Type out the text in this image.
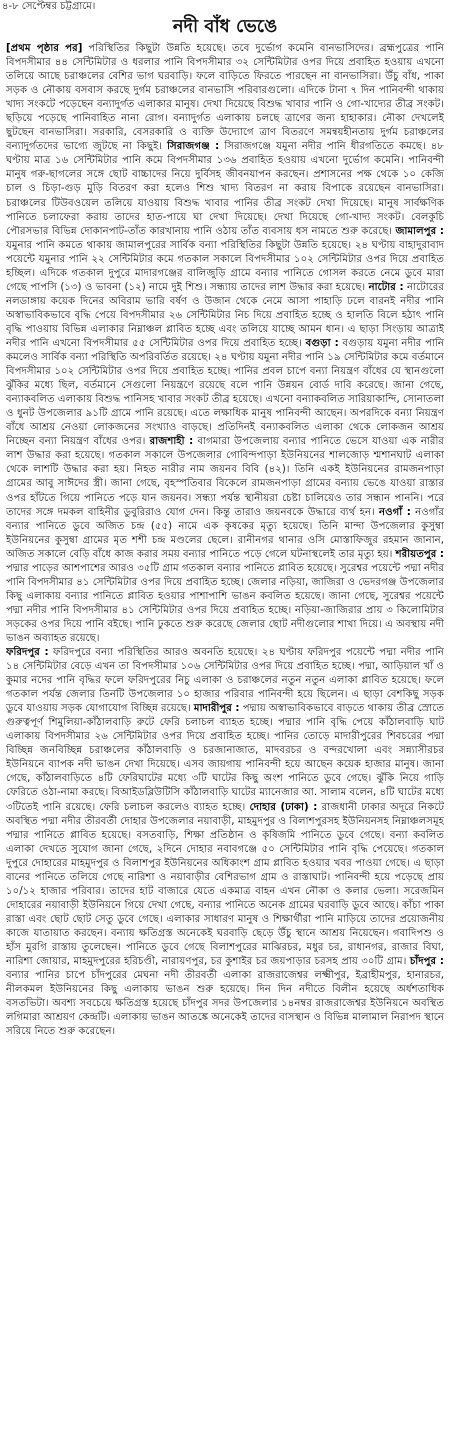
৪-৮ সেপ্টেম্বর চট্টগ্রামে।
নদী বাঁধ ভেঙে

[প্রথম পৃষ্ঠার পর] পরিস্থিতির কিছুটা উন্নতি হয়েছে। তবে দুর্ভোগ কমেনি বানভাসিদের। ব্রহ্মপুত্রের পানি বিপদসীমার ৪৪ সেন্টিমিটার ও ধরলার পানি বিপদসীমার ৩২ সেন্টিমিটার ওপর দিয়ে প্রবাহিত হওয়ায় এখনো তলিয়ে আছে চরাঞ্চলের বেশির ভাগ ঘরবাড়ি। ফলে বাড়িতে ফিরতে পারছেন না বানভাসিরা। উঁচু বাঁধ, পাকা সড়ক ও নৌকায় বসবাস করছে দুর্গম চরাঞ্চলের বানভাসি পরিবারগুলো। এদিকে টানা ৭ দিন পানিবন্দী থাকায় খাদ্য সংকটে পড়েছেন বন্যাদুর্গত এলাকার মানুষ। দেখা দিয়েছে বিশুদ্ধ খাবার পানি ও গো-খাদ্যের তীব্র সংকট। ছড়িয়ে পড়েছে পানিবাহিত নানা রোগ। বন্যাদুর্গত এলাকায় চলছে ত্রাণের জন্য হাহাকার। নৌকা দেখলেই ছুটছেন বানভাসিরা। সরকারি, বেসরকারি ও ব্যক্তি উদ্যোগে ত্রাণ বিতরণে সমন্বয়হীনতায় দুর্গম চরাঞ্চলের বন্যাদুর্গতদের ভাগ্যে জুটছে না কিছুই। সিরাজগঞ্জ : সিরাজগঞ্জে যমুনা নদীর পানি ধীরগতিতে কমছে। ৪৮ ঘণ্টায় মাত্র ১৬ সেন্টিমিটার পানি কমে বিপদসীমার ১৩৬ প্রবাহিত হওয়ায় এখনো দুর্ভোগ কমেনি। পানিবন্দী মানুষ গরু-ছাগলের সঙ্গে ছোট বাচ্চাদের নিয়ে দুর্বিসহ জীবনযাপন করছেন। প্রশাসনের পক্ষ থেকে ১০ কেজি চাল ও চিড়া-গুড় মুড়ি বিতরণ করা হলেও শিশু খাদ্য বিতরণ না করায় বিপাকে রয়েছেন বানভাসিরা। চরাঞ্চলের টিউবওয়েল তলিয়ে যাওয়ায় বিশুদ্ধ খাবার পানির তীব্র সংকট দেখা দিয়েছে। মানুষ সার্বক্ষণিক পানিতে চলাফেরা করায় তাদের হাত-পায়ে ঘা দেখা দিয়েছে। দেখা দিয়েছে গো-খাদ্য সংকট। বেলকুচি পৌরসভার বিভিন্ন দোকানপাট-তাঁত কারখানায় পানি ওঠায় তাঁত ব্যবসায় ধস নামতে শুরু করেছে। জামালপুর : যমুনার পানি কমতে থাকায় জামালপুরের সার্বিক বন্যা পরিস্থিতির কিছুটা উন্নতি হয়েছে। ২৪ ঘণ্টায় বাহাদুরাবাদ পয়েন্টে যমুনার পানি ২২ সেন্টিমিটার কমে গতকাল সকালে বিপদসীমার ১০২ সেন্টিমিটার ওপর দিয়ে প্রবাহিত হচ্ছিল। এদিকে গতকাল দুপুরে মাদারগঞ্জের বালিজুড়ি গ্রামে বন্যার পানিতে গোসল করতে নেমে ডুবে মারা গেছে পাপসি (১৩) ও ভাবনা (১২) নামে দুই শিশু। সন্ধ্যায় তাদের লাশ উদ্ধার করা হয়েছে। নাটোর : নাটোরের নলডাঙ্গায় কয়েক দিনের অবিরাম ভারি বর্ষণ ও উজান থেকে নেমে আসা পাহাড়ি ঢলে বারনই নদীর পানি অস্বাভাবিকভাবে বৃদ্ধি পেয়ে বিপদসীমার ২৬ সেন্টিমিটার নিচ দিয়ে প্রবাহিত হচ্ছে ও হালতি বিলে হঠাৎ পানি বৃদ্ধি পাওয়ায় বিভিন্ন এলাকার নিম্নাঞ্চল প্লাবিত হচ্ছে এবং তলিয়ে যাচ্ছে আমন ধান। এ ছাড়া সিংড়ায় আত্রাই নদীর পানি এখনো বিপদসীমার ৫৫ সেন্টিমিটার ওপর দিয়ে প্রবাহিত হচ্ছে। বগুড়া : বগুড়ায় যমুনা নদীর পানি কমলেও সার্বিক বন্যা পরিস্থিতি অপরিবর্তিত রয়েছে। ২৪ ঘণ্টায় যমুনা নদীর পানি ১৯ সেন্টিমিটার কমে বর্তমানে বিপদসীমার ১০২ সেন্টিমিটার ওপর দিয়ে প্রবাহিত হচ্ছে। পানির প্রবল চাপে বন্যা নিয়ন্ত্রণ বাঁধের যে স্থানগুলো ঝুঁকির মধ্যে ছিল, বর্তমানে সেগুলো নিয়ন্ত্রণে রয়েছে বলে পানি উন্নয়ন বোর্ড দাবি করেছে। জানা গেছে, বন্যাকবলিত এলাকায় বিশুদ্ধ পানিসহ খাবার সংকট তীব্র হয়েছে। এখনো বন্যাকবলিত সারিয়াকান্দি, সোনাতলা ও ধুনট উপজেলার ৯১টি গ্রামে পানি রয়েছে। এতে লক্ষাধিক মানুষ পানিবন্দী আছেন। অপরদিকে বন্যা নিয়ন্ত্রণ বাঁধে আশ্রয় নেওয়া লোকজনের সংখ্যাও বাড়ছে। প্রতিদিনই বন্যাকবলিত এলাকা থেকে লোকজন আশ্রয় নিচ্ছেন বন্যা নিয়ন্ত্রণ বাঁধের ওপর। রাজশাহী : বাগমারা উপজেলায় বন্যার পানিতে ভেসে যাওয়া এক নারীর লাশ উদ্ধার করা হয়েছে। গতকাল সকালে উপজেলার গোবিন্দপাড়া ইউনিয়নের শালজোড় শ্মশানঘাট এলাকা থেকে লাশটি উদ্ধার করা হয়। নিহত নারীর নাম জয়নব বিবি (৪২)। তিনি একই ইউনিয়নের রামজনপাড়া গ্রামের আবু সাঈদের স্ত্রী। জানা গেছে, বৃহস্পতিবার বিকেলে রামজনপাড়া গ্রামের বন্যায় ভেঙে যাওয়া রাস্তার ওপর হাঁটতে গিয়ে পানিতে পড়ে যান জয়নব। সন্ধ্যা পর্যন্ত স্থানীয়রা চেষ্টা চালিয়েও তার সন্ধান পাননি। পরে তাদের সঙ্গে দমকল বাহিনীর ডুবুরিরাও যোগ দেন। কিন্তু তারাও জয়নবকে উদ্ধারে ব্যর্থ হন। নওগাঁ : নওগাঁর বন্যার পানিতে ডুবে অজিত চন্দ্র (৫৫) নামে এক কৃষকের মৃত্যু হয়েছে। তিনি মান্দা উপজেলার কুসুম্বা ইউনিয়নের কুসুম্বা গ্রামের মৃত শশী চন্দ্র মণ্ডলের ছেলে। রানীনগর থানার ওসি মোস্তাফিজুর রহমান জানান, অজিত সকালে বেড়ি বাঁধে কাজ করার সময় বন্যার পানিতে পড়ে গেলে ঘটনাস্থলেই তার মৃত্যু হয়। শরীয়তপুর : পদ্মার পাড়ের আশপাশের আরও ৩৫টি গ্রাম গতকাল বন্যার পানিতে প্লাবিত হয়েছে। সুরেশ্বর পয়েন্টে পদ্মা নদীর পানি বিপদসীমার ৪১ সেন্টিমিটার ওপর দিয়ে প্রবাহিত হচ্ছে। জেলার নড়িয়া, জাজিরা ও ভেদরগঞ্জ উপজেলার কিছু এলাকায় বন্যার পানিতে প্লাবিত হওয়ার পাশাপাশি ভাঙন কবলিত হয়েছে। জানা গেছে, সুরেশ্বর পয়েন্টে পদ্মা নদীর পানি বিপদসীমার ৪১ সেন্টিমিটার ওপর দিয়ে প্রবাহিত হচ্ছে। নড়িয়া-জাজিরার প্রায় ৩ কিলোমিটার সড়কের ওপর দিয়ে পানি বইছে। পানি ঢুকতে শুরু করেছে জেলার ছোট নদীগুলোর শাখা দিয়ে। এ অবস্থায় নদী ভাঙন অব্যাহত রয়েছে।

ফরিদপুর : ফরিদপুরে বন্যা পরিস্থিতির আরও অবনতি হয়েছে। ২৪ ঘণ্টায় ফরিদপুর পয়েন্টে পদ্মা নদীর পানি ১৪ সেন্টিমিটার বেড়ে এখন তা বিপদসীমার ১০৬ সেন্টিমিটার ওপর দিয়ে প্রবাহিত হচ্ছে। পদ্মা, আড়িয়াল খাঁ ও কুমার নদের পানি বৃদ্ধির ফলে ফরিদপুরের নিচু এলাকা ও চরাঞ্চলের নতুন নতুন এলাকা প্লাবিত হয়েছে। ফলে গতকাল পর্যন্ত জেলার তিনটি উপজেলার ১০ হাজার পরিবার পানিবন্দী হয়ে ছিলেন। এ ছাড়া বেশকিছু সড়ক ডুবে যাওয়ায় সড়ক যোগাযোগ বিচ্ছিন্ন রয়েছে। মাদারীপুর : পদ্মায় অস্বাভাবিকভাবে বাড়তে থাকায় তীব্র স্রোতে গুরুত্বপূর্ণ শিমুলিয়া-কাঁঠালবাড়ি রুটে ফেরি চলাচল ব্যাহত হচ্ছে। পদ্মার পানি বৃদ্ধি পেয়ে কাঁঠালবাড়ি ঘাট এলাকায় বিপদসীমার ২৬ সেন্টিমিটার ওপর দিয়ে প্রবাহিত হচ্ছে। পানির তোড়ে মাদারীপুরের শিবচরের পদ্মা বিচ্ছিন্ন জনবিচ্ছিন্ন চরাঞ্চলের কাঁঠালবাড়ি ও চরজানাজাত, মাদবরচর ও বন্দরখোলা এবং সন্ন্যাসীরচর ইউনিয়নে ব্যাপক নদী ভাঙন দেখা দিয়েছে। এসব জায়গায় পানিবন্দী হয়ে আছেন কয়েক হাজার মানুষ। জানা গেছে, কাঁঠালবাড়িতে ৪টি ফেরিঘাটের মধ্যে ৩টি ঘাটের কিছু অংশ পানিতে ডুবে গেছে। ঝুঁকি নিয়ে গাড়ি ফেরিতে ওঠা-নামা করছে। বিআইডব্লিউটিসি কাঁঠালবাড়ি ঘাটের ম্যানেজার আ. সালাম বলেন, ৪টি ঘাটের মধ্যে ৩টিতেই পানি রয়েছে। ফেরি চলাচল করলেও ব্যাহত হচ্ছে। দোহার (ঢাকা) : রাজধানী ঢাকার অদূরে নিকটে অবস্থিত পদ্মা নদীর তীরবর্তী দোহার উপজেলার নয়াবাড়ী, মাহমুদপুর ও বিলাশপুরসহ ইউনিয়নসহ নিম্নাঞ্চলসমূহ পদ্মার পানিতে প্লাবিত হয়েছে। বসতবাড়ি, শিক্ষা প্রতিষ্ঠান ও কৃষিজমি পানিতে ডুবে গেছে। বন্যা কবলিত এলাকা দেখতে সুযোগ জানা গেছে, ২দিনে দোহার নবাবগঞ্জে ৫০ সেন্টিমিটার পানি বৃদ্ধি পেয়েছে। গতকাল দুপুরে দোহারের মাহমুদপুর ও বিলাশপুর ইউনিয়নের অধিকাংশ গ্রাম প্লাবিত হওয়ার খবর পাওয়া গেছে। এ ছাড়া বানের পানিতে তলিয়ে গেছে নারিশা ও নয়াবাড়ীর বেশিরভাগ গ্রাম ও রাস্তাঘাট। পানিবন্দী হয়ে পড়েছে প্রায় ১০/১২ হাজার পরিবার। তাদের হাট বাজারে যেতে একমাত্র বাহন এখন নৌকা ও কলার ভেলা। সরেজমিন দোহারের নয়াবাড়ী ইউনিয়নে গিয়ে দেখা গেছে, বন্যার পানিতে অনেক গ্রামের ঘরবাড়ি ডুবে আছে। কাঁচা পাকা রাস্তা এবং ছোট ছোট সেতু ডুবে গেছে। এলাকার সাধারণ মানুষ ও শিক্ষার্থীরা পানি মাড়িয়ে তাদের প্রয়োজনীয় কাজে যাতায়াত করছেন। বন্যায় ক্ষতিগ্রস্ত অনেকেই ঘরবাড়ি ছেড়ে উঁচু স্থানে আশ্রয় নিয়েছেন। গবাদিপশু ও হাঁস মুরগি রাস্তায় তুলেছেন। পানিতে ডুবে গেছে বিলাশপুরের মাঝিরচর, মধুর চর, রাধানগর, রাজার বিঘা, নারিশা জোয়ার, মাহমুদপুরের হরিচণ্ডী, নারায়ণপুর, চর কুশাইর চর জয়পাড়ার চরসহ প্রায় ৩০টি গ্রাম। চাঁদপুর : বন্যার পানির চাপে চাঁদপুরের মেঘনা নদী তীরবর্তী এলাকা রাজরাজেশ্বর লক্ষ্মীপুর, ইব্রাহীমপুর, হানারচর, নীলকমল ইউনিয়নের কিছু এলাকায় ভাঙন শুরু হয়েছে। দিন দিন নদীতে বিলীন হয়েছে অর্ধশতাধিক বসতভিটা। অবশ্য সবচেয়ে ক্ষতিগ্রস্ত হয়েছে চাঁদপুর সদর উপজেলার ১৪নম্বর রাজরাজেশ্বর ইউনিয়নে অবস্থিত লগিমারা আশ্রয়ণ কেন্দ্রটি। এলাকায় ভাঙন আতঙ্কে অনেকেই তাদের বাসস্থান ও বিভিন্ন মালামাল নিরাপদ স্থানে সরিয়ে নিতে শুরু করেছেন।
